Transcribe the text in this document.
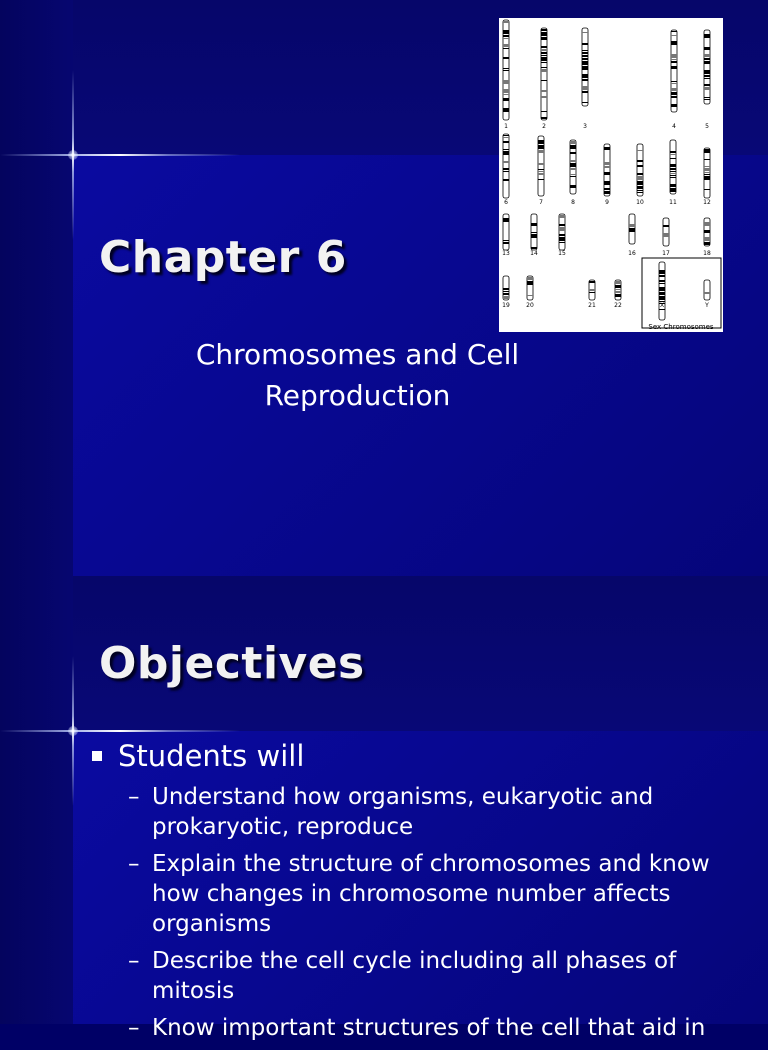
Chapter 6
Chromosomes and Cell Reproduction
Sex Chromosomes
1	2	3	4	5
6	7	8	9	10	11	12
13	14	15	16	17	18
19	20	21	22	X	Y
Objectives
Students will
– Understand how organisms, eukaryotic and prokaryotic, reproduce
– Explain the structure of chromosomes and know how changes in chromosome number affects organisms
– Describe the cell cycle including all phases of mitosis
– Know important structures of the cell that aid in
